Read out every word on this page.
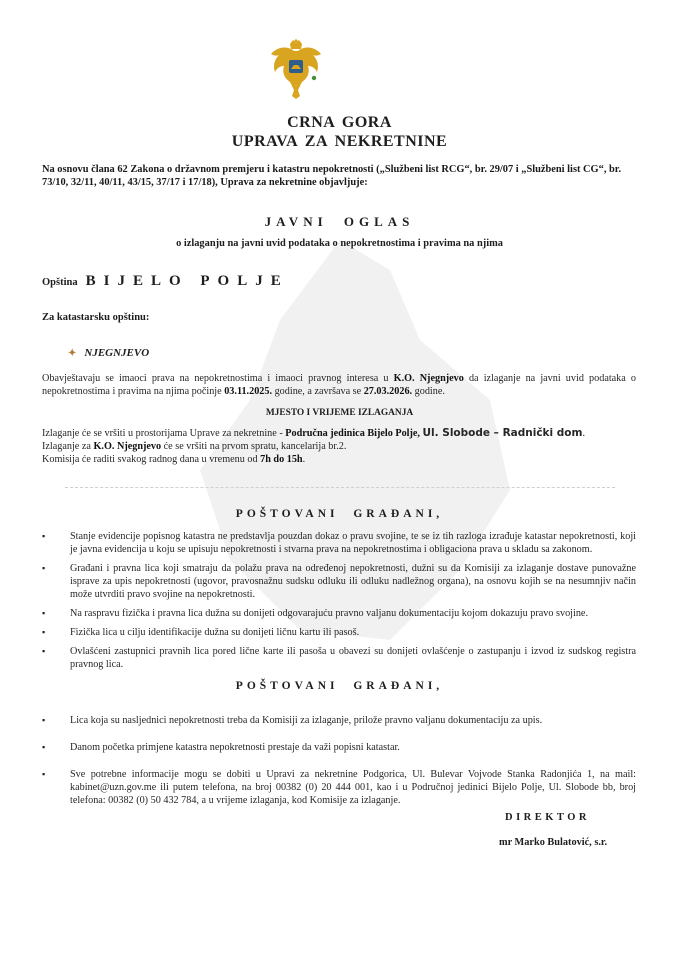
CRNA GORA
UPRAVA ZA NEKRETNINE
Na osnovu člana 62 Zakona o državnom premjeru i katastru nepokretnosti („Službeni list RCG“, br. 29/07 i „Službeni list CG“, br. 73/10, 32/11, 40/11, 43/15, 37/17 i 17/18), Uprava za nekretnine objavljuje:
JAVNI OGLAS
o izlaganju na javni uvid podataka o nepokretnostima i pravima na njima
Opština BIJELO POLJE
Za katastarsku opštinu:
✦ NJEGNJEVO
Obavještavaju se imaoci prava na nepokretnostima i imaoci pravnog interesa u K.O. Njegnjevo da izlaganje na javni uvid podataka o nepokretnostima i pravima na njima počinje 03.11.2025. godine, a završava se 27.03.2026. godine.
MJESTO I VRIJEME IZLAGANJA
Izlaganje će se vršiti u prostorijama Uprave za nekretnine - Područna jedinica Bijelo Polje, Ul. Slobode – Radnički dom.
Izlaganje za K.O. Njegnjevo će se vršiti na prvom spratu, kancelarija br.2.
Komisija će raditi svakog radnog dana u vremenu od 7h do 15h.
POŠTOVANI GRAĐANI,
▪ Stanje evidencije popisnog katastra ne predstavlja pouzdan dokaz o pravu svojine, te se iz tih razloga izrađuje katastar nepokretnosti, koji je javna evidencija u koju se upisuju nepokretnosti i stvarna prava na nepokretnostima i obligaciona prava u skladu sa zakonom.
▪ Građani i pravna lica koji smatraju da polažu prava na određenoj nepokretnosti, dužni su da Komisiji za izlaganje dostave punovažne isprave za upis nepokretnosti (ugovor, pravosnažnu sudsku odluku ili odluku nadležnog organa), na osnovu kojih se na nesumnjiv način može utvrditi pravo svojine na nepokretnosti.
▪ Na raspravu fizička i pravna lica dužna su donijeti odgovarajuću pravno valjanu dokumentaciju kojom dokazuju pravo svojine.
▪ Fizička lica u cilju identifikacije dužna su donijeti ličnu kartu ili pasoš.
▪ Ovlašćeni zastupnici pravnih lica pored lične karte ili pasoša u obavezi su donijeti ovlašćenje o zastupanju i izvod iz sudskog registra pravnog lica.
POŠTOVANI GRAĐANI,
▪ Lica koja su nasljednici nepokretnosti treba da Komisiji za izlaganje, prilože pravno valjanu dokumentaciju za upis.
▪ Danom početka primjene katastra nepokretnosti prestaje da važi popisni katastar.
▪ Sve potrebne informacije mogu se dobiti u Upravi za nekretnine Podgorica, Ul. Bulevar Vojvode Stanka Radonjića 1, na mail: kabinet@uzn.gov.me ili putem telefona, na broj 00382 (0) 20 444 001, kao i u Područnoj jedinici Bijelo Polje, Ul. Slobode bb, broj telefona: 00382 (0) 50 432 784, a u vrijeme izlaganja, kod Komisije za izlaganje.
DIREKTOR
mr Marko Bulatović, s.r.
